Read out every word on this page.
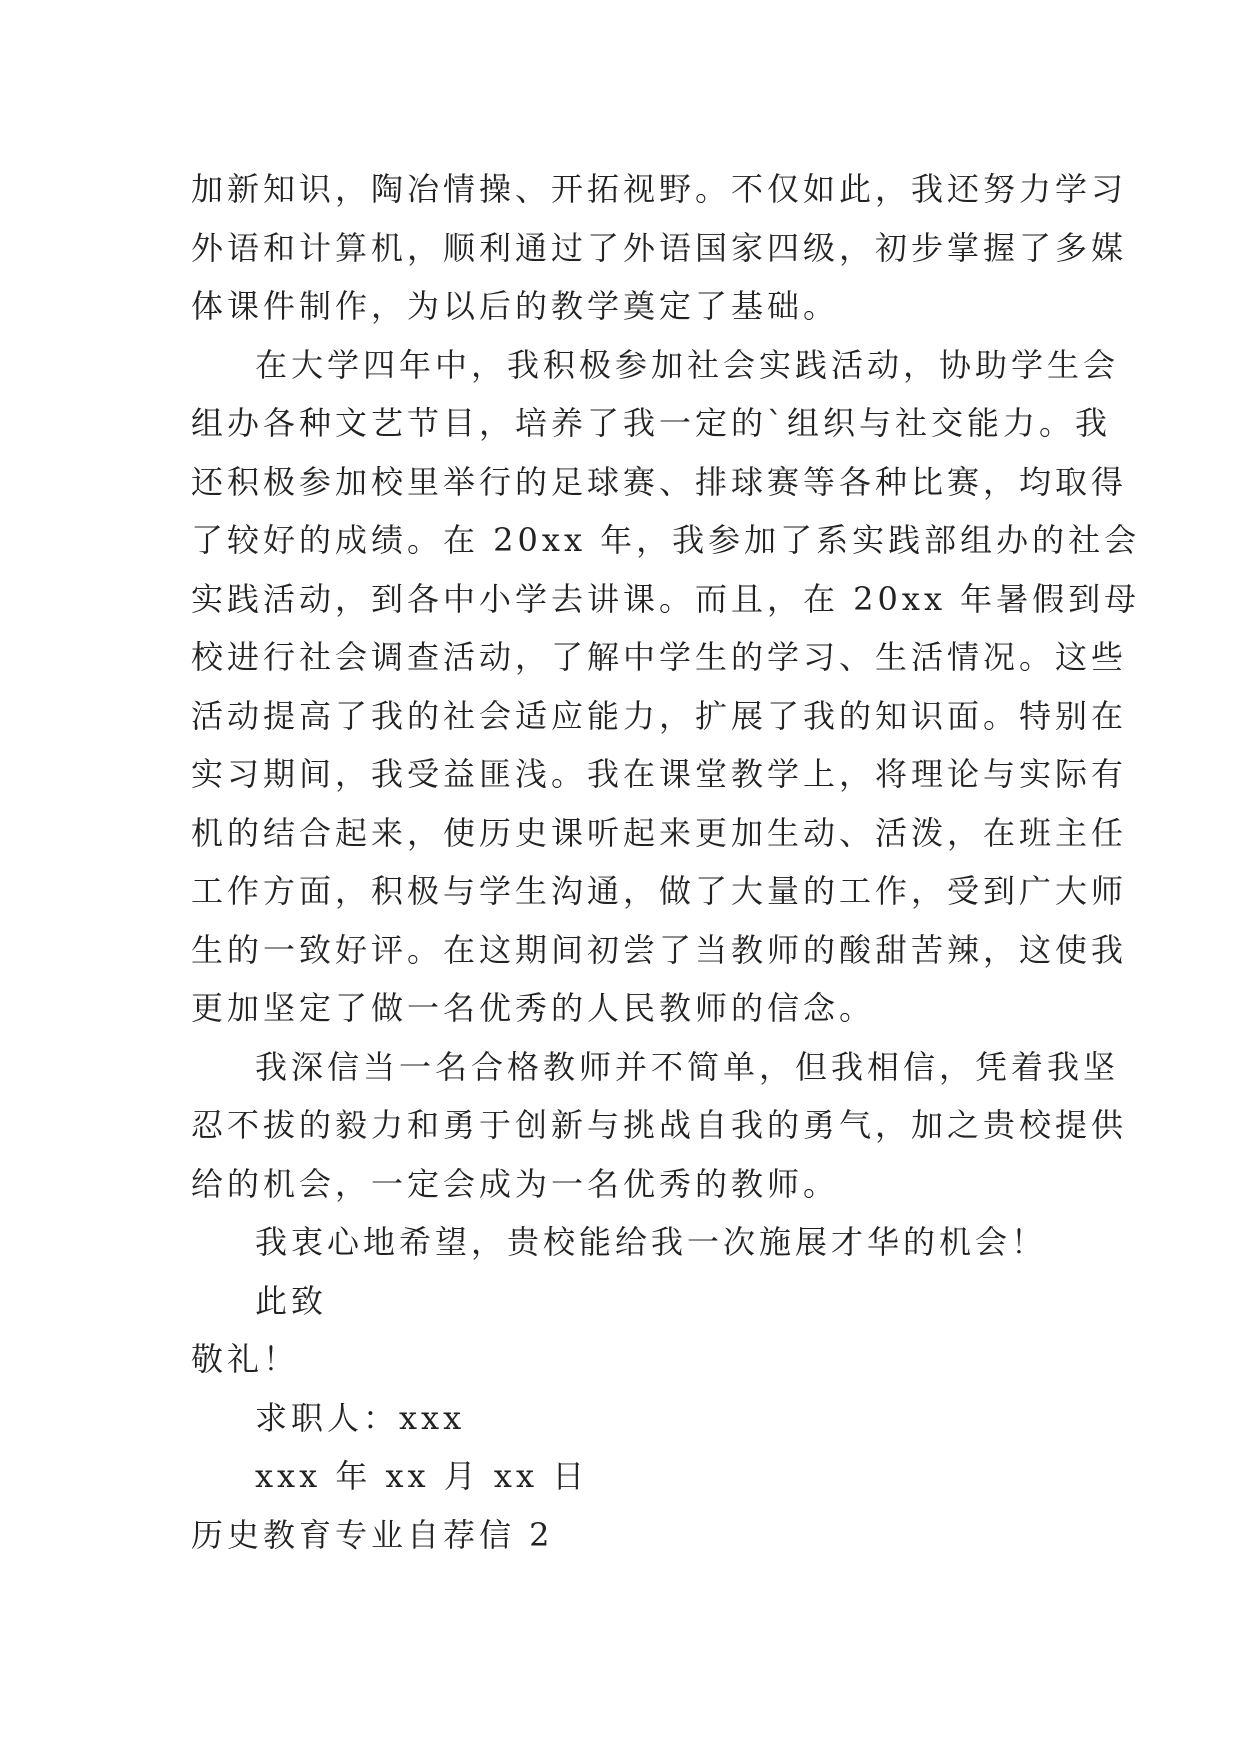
加新知识，陶冶情操、开拓视野。不仅如此，我还努力学习
外语和计算机，顺利通过了外语国家四级，初步掌握了多媒
体课件制作，为以后的教学奠定了基础。
在大学四年中，我积极参加社会实践活动，协助学生会
组办各种文艺节目，培养了我一定的`组织与社交能力。我
还积极参加校里举行的足球赛、排球赛等各种比赛，均取得
了较好的成绩。在 20xx 年，我参加了系实践部组办的社会
实践活动，到各中小学去讲课。而且，在 20xx 年暑假到母
校进行社会调查活动，了解中学生的学习、生活情况。这些
活动提高了我的社会适应能力，扩展了我的知识面。特别在
实习期间，我受益匪浅。我在课堂教学上，将理论与实际有
机的结合起来，使历史课听起来更加生动、活泼，在班主任
工作方面，积极与学生沟通，做了大量的工作，受到广大师
生的一致好评。在这期间初尝了当教师的酸甜苦辣，这使我
更加坚定了做一名优秀的人民教师的信念。
我深信当一名合格教师并不简单，但我相信，凭着我坚
忍不拔的毅力和勇于创新与挑战自我的勇气，加之贵校提供
给的机会，一定会成为一名优秀的教师。
我衷心地希望，贵校能给我一次施展才华的机会！
此致
敬礼！
求职人：xxx
xxx 年 xx 月 xx 日
历史教育专业自荐信 2
